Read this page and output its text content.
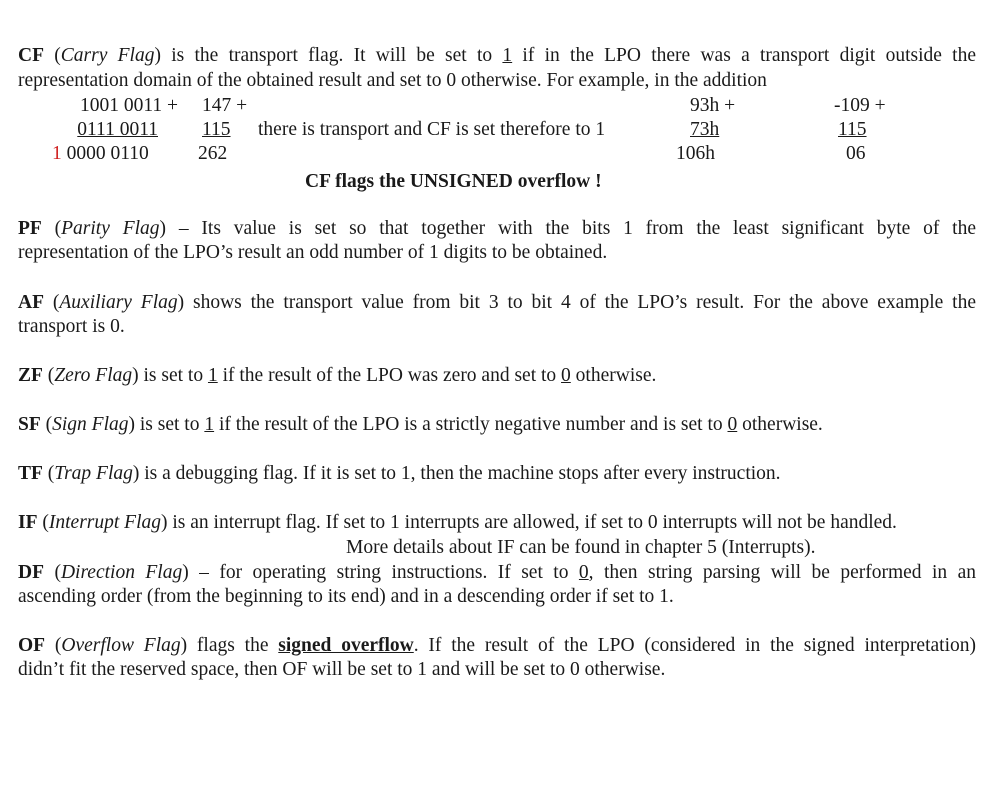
CF (Carry Flag) is the transport flag. It will be set to 1 if in the LPO there was a transport digit outside the
representation domain of the obtained result and set to 0 otherwise. For example, in the addition
1001 0011 +
0111 0011
1 0000 0110
147 +
115
262
there is transport and CF is set therefore to 1
93h +
73h
106h
-109 +
115
06
CF flags the UNSIGNED overflow !
PF (Parity Flag) – Its value is set so that together with the bits 1 from the least significant byte of the
representation of the LPO’s result an odd number of 1 digits to be obtained.
AF (Auxiliary Flag) shows the transport value from bit 3 to bit 4 of the LPO’s result. For the above example the
transport is 0.
ZF (Zero Flag) is set to 1 if the result of the LPO was zero and set to 0 otherwise.
SF (Sign Flag) is set to 1 if the result of the LPO is a strictly negative number and is set to 0 otherwise.
TF (Trap Flag) is a debugging flag. If it is set to 1, then the machine stops after every instruction.
IF (Interrupt Flag) is an interrupt flag. If set to 1 interrupts are allowed, if set to 0 interrupts will not be handled.
More details about IF can be found in chapter 5 (Interrupts).
DF (Direction Flag) – for operating string instructions. If set to 0, then string parsing will be performed in an
ascending order (from the beginning to its end) and in a descending order if set to 1.
OF (Overflow Flag) flags the signed overflow. If the result of the LPO (considered in the signed interpretation)
didn’t fit the reserved space, then OF will be set to 1 and will be set to 0 otherwise.
